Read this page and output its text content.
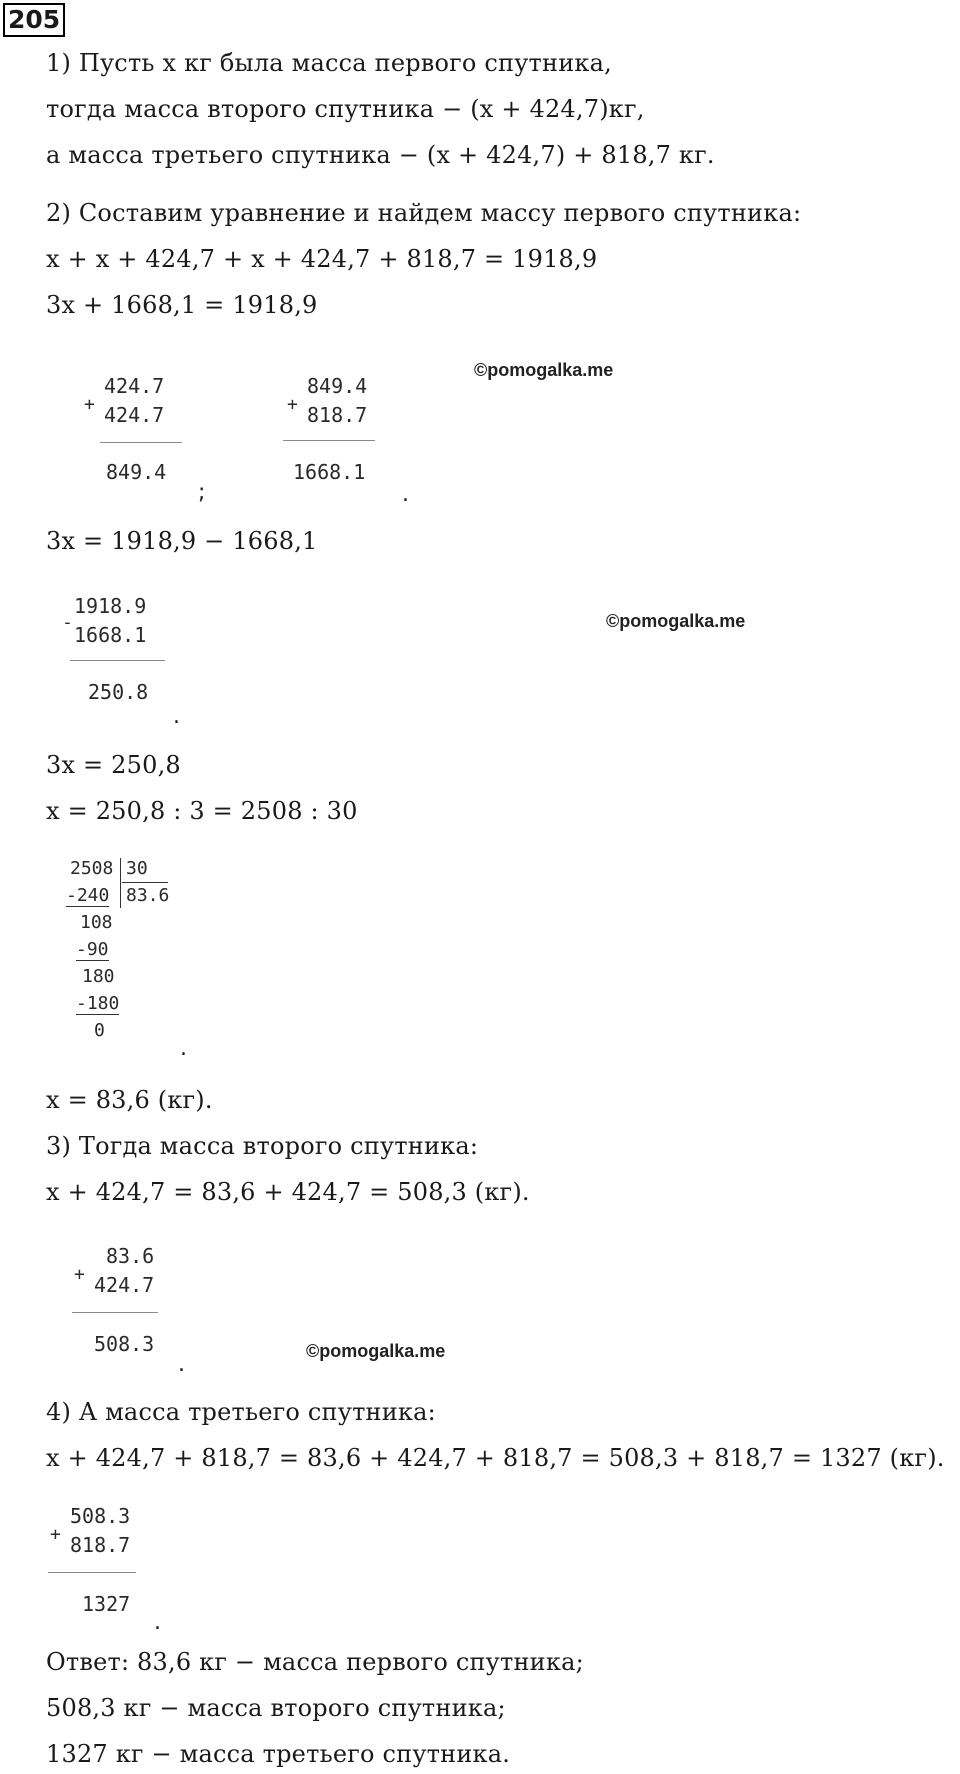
205
1) Пусть x кг была масса первого спутника,
тогда масса второго спутника − (x + 424,7)кг,
а масса третьего спутника − (x + 424,7) + 818,7 кг.
2) Составим уравнение и найдем массу первого спутника:
x + x + 424,7 + x + 424,7 + 818,7 = 1918,9
3x + 1668,1 = 1918,9
+
424.7
424.7
849.4
;
+
849.4
818.7
1668.1
.
©pomogalka.me
3x = 1918,9 − 1668,1
-
1918.9
1668.1
250.8
.
©pomogalka.me
3x = 250,8
x = 250,8 : 3 = 2508 : 30
2508 30
83.6
-240
108
-90
180
-180
0
.
x = 83,6 (кг).
3) Тогда масса второго спутника:
x + 424,7 = 83,6 + 424,7 = 508,3 (кг).
+
83.6
424.7
508.3
.
©pomogalka.me
4) А масса третьего спутника:
x + 424,7 + 818,7 = 83,6 + 424,7 + 818,7 = 508,3 + 818,7 = 1327 (кг).
+
508.3
818.7
1327
.
Ответ: 83,6 кг − масса первого спутника;
508,3 кг − масса второго спутника;
1327 кг − масса третьего спутника.
